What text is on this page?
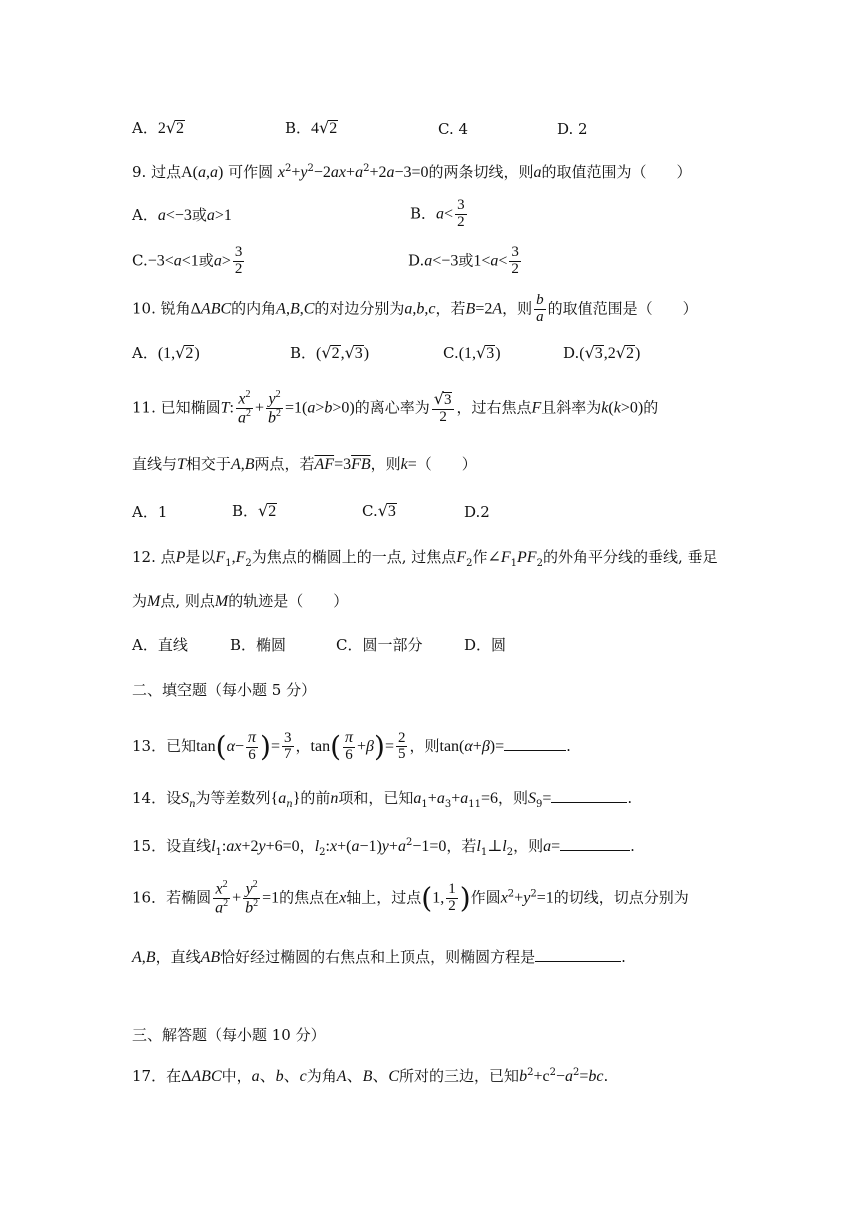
A．2√2	B．4√2	C. 4	D. 2
9. 过点A(a,a) 可作圆 $x^2+y^2-2ax+a^2+2a-3=0$的两条切线，则a的取值范围为（　　）
A．a<−3或a>1	B．$a< \frac{3}{2}$
C.−3<a<1或$a> \frac{3}{2}$	D.a<−3或$1<a< \frac{3}{2}$
10. 锐角ΔABC的内角A,B,C的对边分别为a,b,c，若B=2A，则 $\frac{b}{a}$ 的取值范围是（　　）
A．(1,√2)	B．(√2,√3)	C.(1,√3)	D.(√3,2√2)
11. 已知椭圆T: $\frac{x^2}{a^2} + \frac{y^2}{b^2} =1(a>b>0)$的离心率为 $\frac{√3}{2}$ ，过右焦点F且斜率为k(k>0)的
直线与T相交于A,B两点，若$\overline{AF}=3\overline{FB}$，则k=（　　）
A．1	B．√2	C.√3	D.2
12. 点P是以$F_1,F_2$为焦点的椭圆上的一点, 过焦点$F_2$作$\angle F_1PF_2$的外角平分线的垂线, 垂足
为M点, 则点M的轨迹是（　　）
A．直线	B．椭圆	C．圆一部分	D．圆
二、填空题（每小题 5 分）
13．已知$\tan(\alpha- \frac{\pi}{6}$ )= $\frac{3}{7}$ ，$\tan( \frac{\pi}{6} +\beta)= \frac{2}{5}$ ，则tan(α+β)=	.
14．设$S_n$为等差数列$\{a_n\}$的前n项和，已知$a_1+a_3+a_{11}=6$，则$S_9=$	.
15．设直线$l_1:ax+2y+6=0$，$l_2:x+(a-1)y+a^2-1=0$，若$l_1\perp l_2$，则a=	.
16．若椭圆 $\frac{x^2}{a^2} + \frac{y^2}{b^2} =1$的焦点在x轴上，过点(1, $\frac{1}{2}$ )作圆$x^2+y^2=1$的切线，切点分别为
A,B，直线AB恰好经过椭圆的右焦点和上顶点，则椭圆方程是	.
三、解答题（每小题 10 分）
17．在ΔABC中，a、b、c为角A、B、C所对的三边，已知$b^2+c^2-a^2=bc$.
